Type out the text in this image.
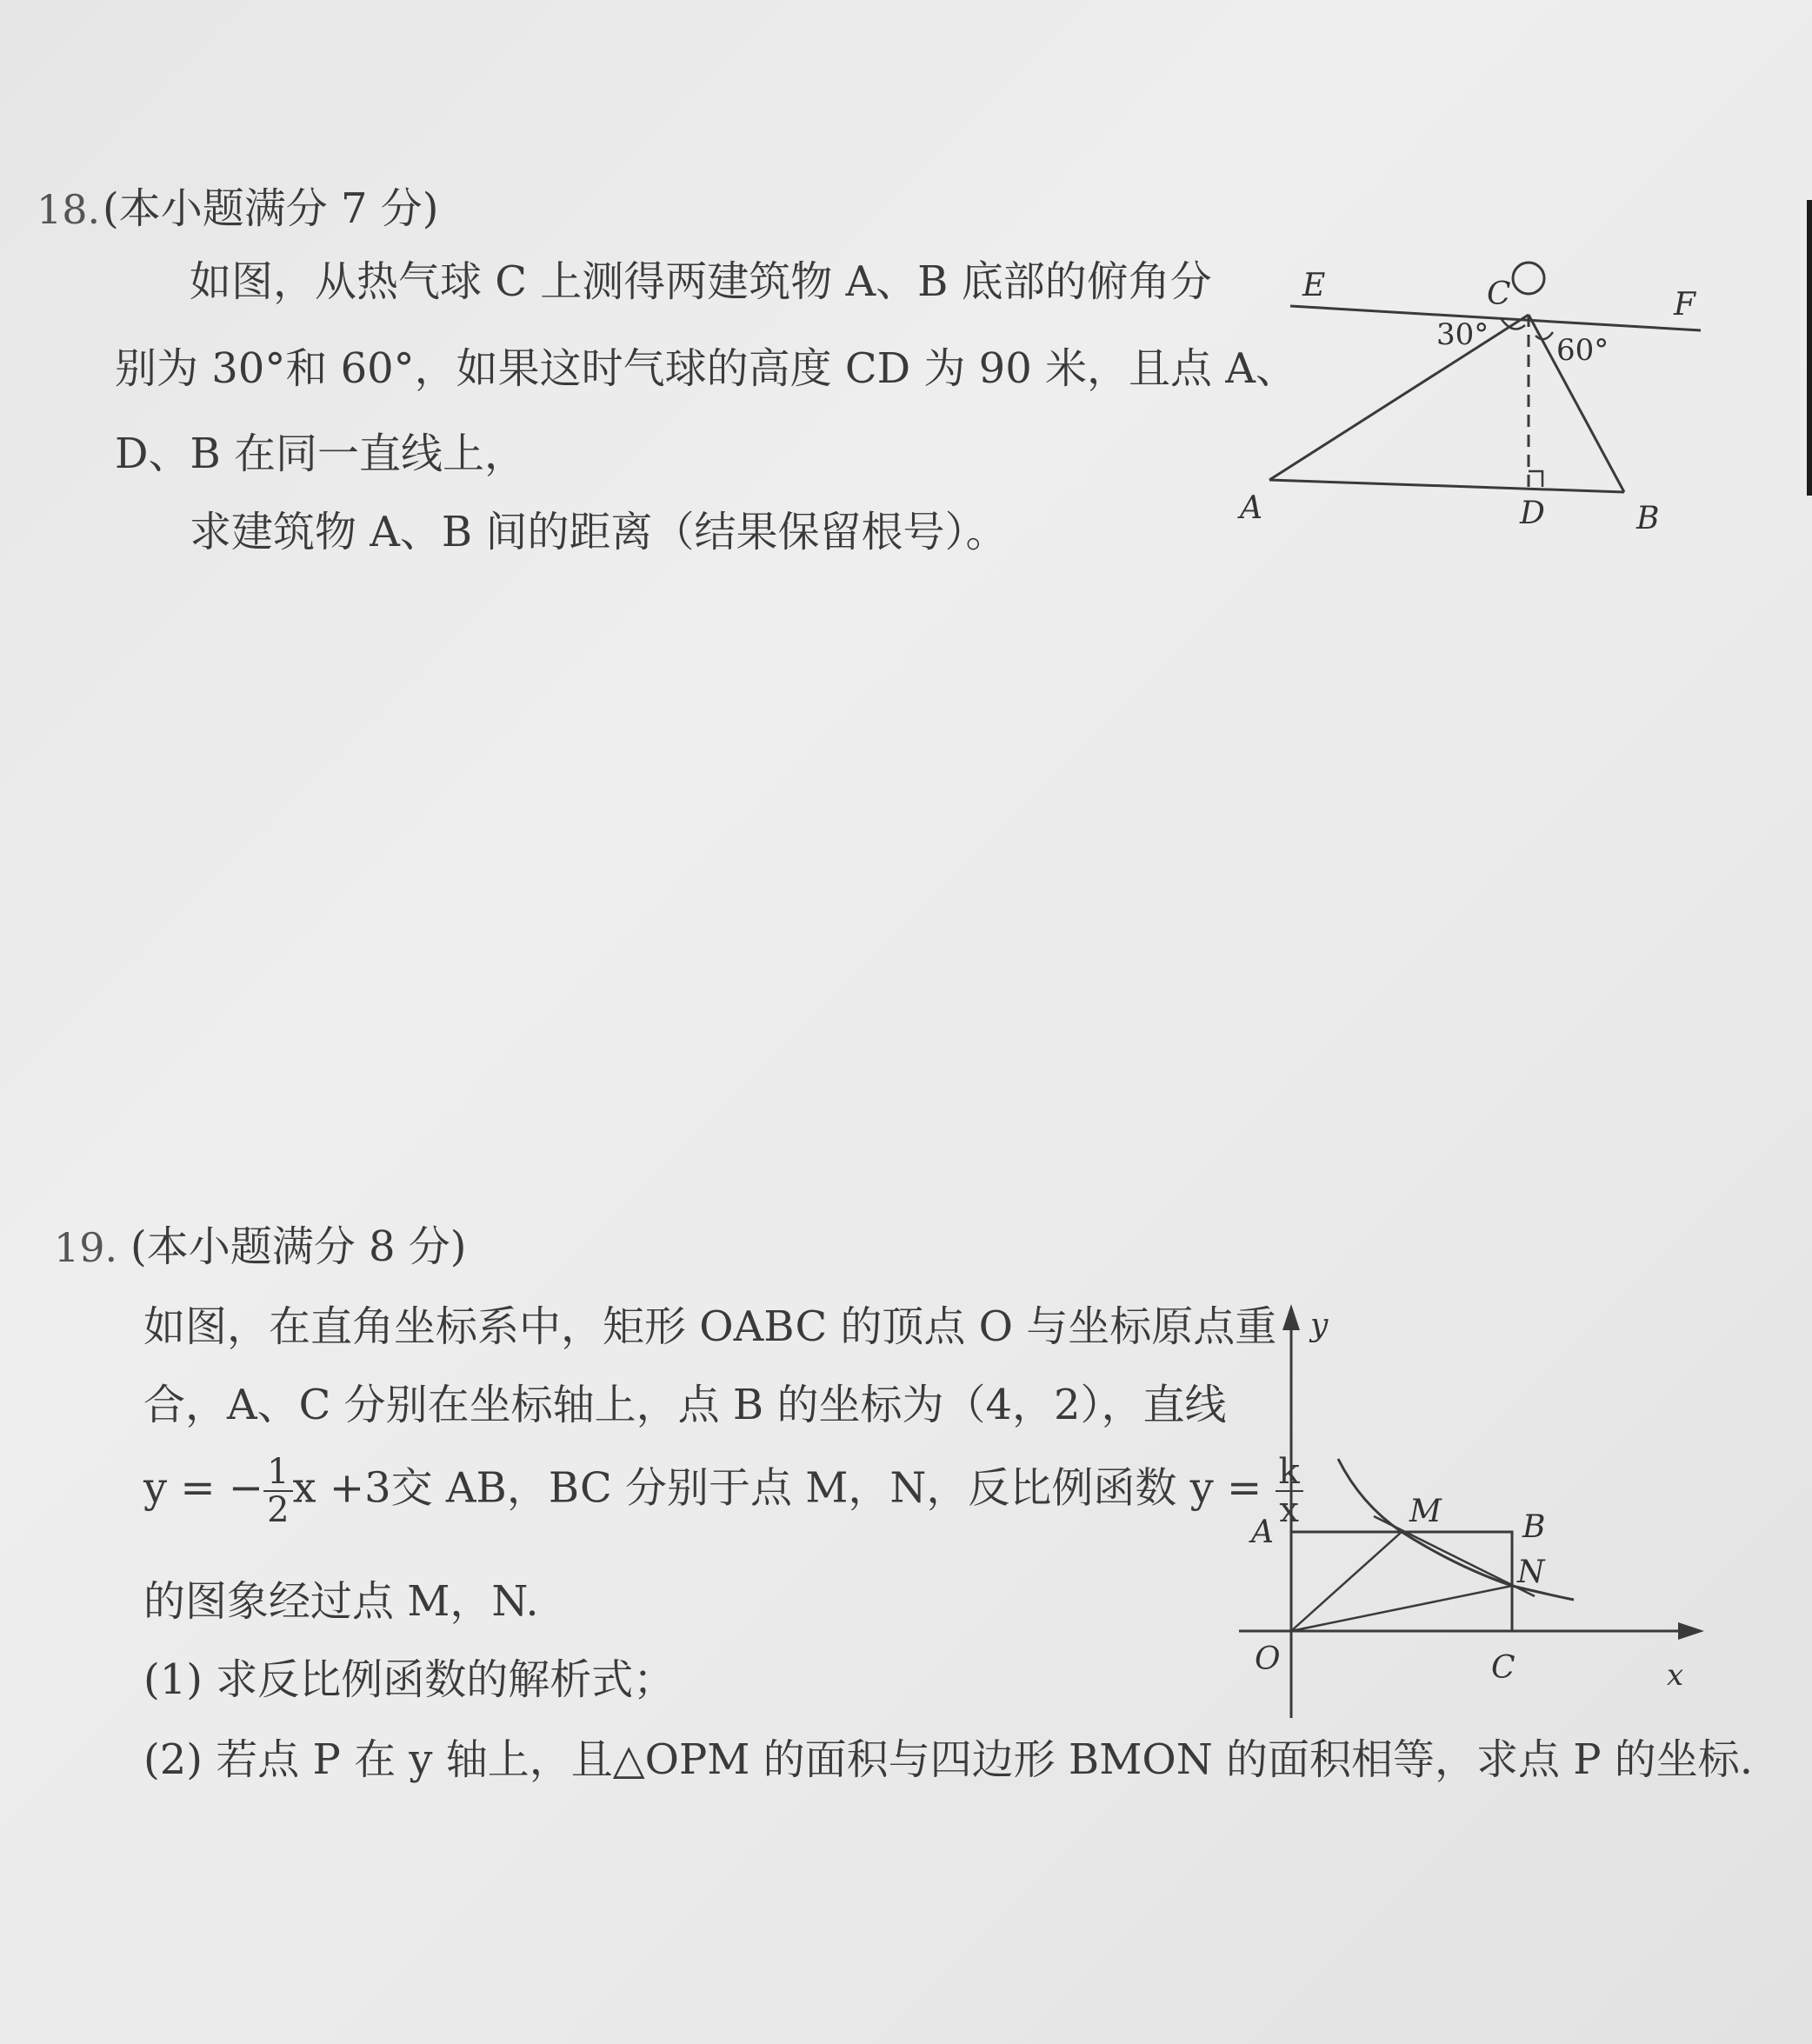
18. (本小题满分 7 分)
如图，从热气球 C 上测得两建筑物 A、B 底部的俯角分
别为 30°和 60°，如果这时气球的高度 CD 为 90 米，且点 A、
D、B 在同一直线上，
求建筑物 A、B 间的距离（结果保留根号）。
E
F
C
A	D	B
30° 60°
19. (本小题满分 8 分)
如图，在直角坐标系中，矩形 OABC 的顶点 O 与坐标原点重
合，A、C 分别在坐标轴上，点 B 的坐标为（4，2），直线
y = − $\frac{1}{2}$ x +3交 AB，BC 分别于点 M，N，反比例函数 $y = \frac{k}{x}$
的图象经过点 M，N.
(1) 求反比例函数的解析式；
(2) 若点 P 在 y 轴上，且△OPM 的面积与四边形 BMON 的面积相等，求点 P 的坐标.
y
x
O
A	B
C
M
N
